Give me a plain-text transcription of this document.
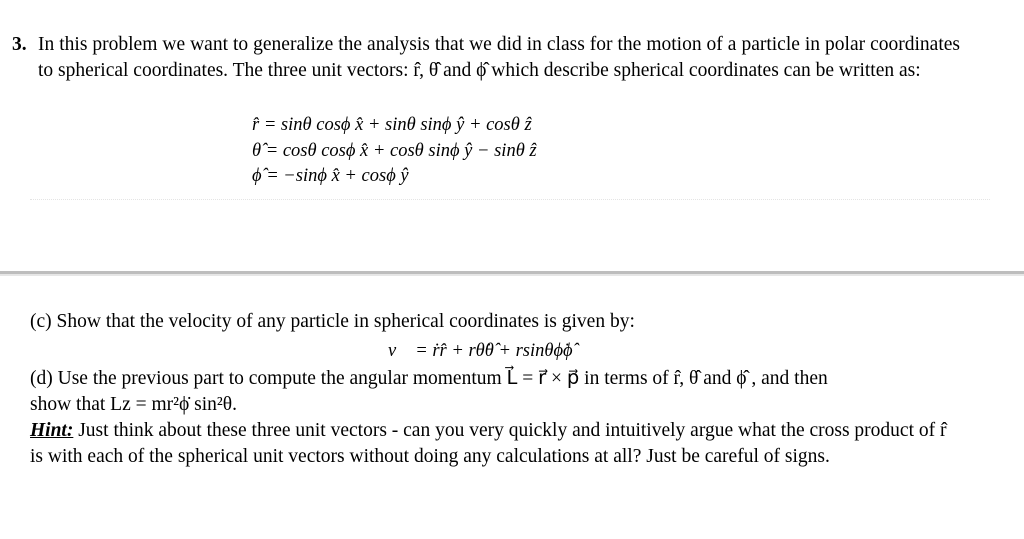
3. In this problem we want to generalize the analysis that we did in class for the motion of a particle in polar coordinates to spherical coordinates. The three unit vectors: r̂, θ̂ and ϕ̂ which describe spherical coordinates can be written as:
r̂ = sinθ cosϕ x̂ + sinθ sinϕ ŷ + cosθ ẑ
θ̂ = cosθ cosϕ x̂ + cosθ sinϕ ŷ − sinθ ẑ
ϕ̂ = −sinϕ x̂ + cosϕ ŷ
(c) Show that the velocity of any particle in spherical coordinates is given by:
v⃗ = ṙr̂ + rθ̇θ̂ + rsinθϕ̇ϕ̂
(d) Use the previous part to compute the angular momentum L⃗ = r⃗ × p⃗ in terms of r̂, θ̂ and ϕ̂ , and then
show that Lz = mr²ϕ̇ sin²θ.
Hint: Just think about these three unit vectors - can you very quickly and intuitively argue what the cross product of r̂ is with each of the spherical unit vectors without doing any calculations at all? Just be careful of signs.
